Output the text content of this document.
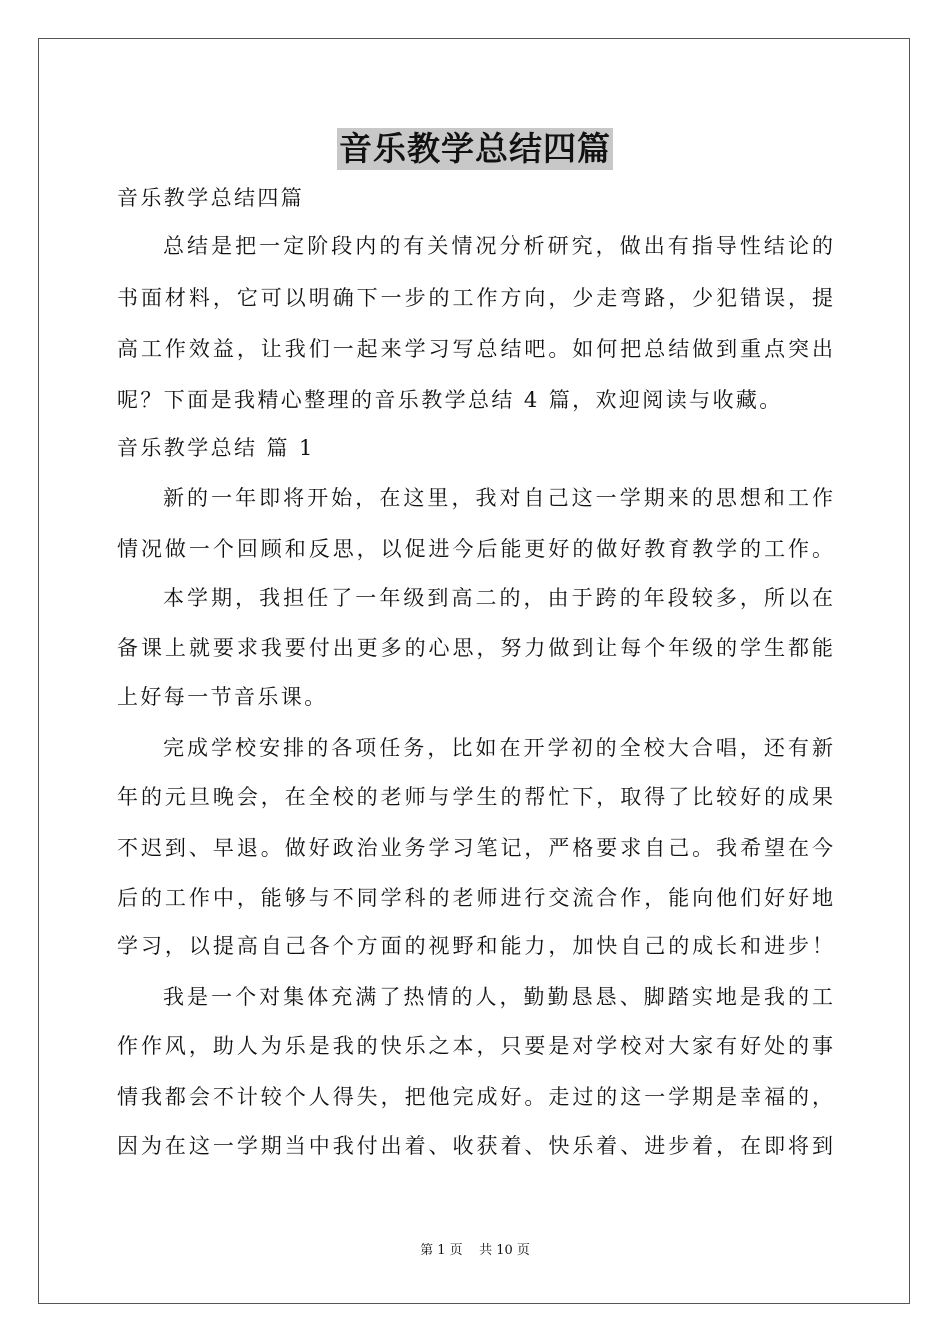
音乐教学总结四篇
音乐教学总结四篇
总结是把一定阶段内的有关情况分析研究，做出有指导性结论的
书面材料，它可以明确下一步的工作方向，少走弯路，少犯错误，提
高工作效益，让我们一起来学习写总结吧。如何把总结做到重点突出
呢？下面是我精心整理的音乐教学总结 4 篇，欢迎阅读与收藏。
音乐教学总结 篇 1
新的一年即将开始，在这里，我对自己这一学期来的思想和工作
情况做一个回顾和反思，以促进今后能更好的做好教育教学的工作。
本学期，我担任了一年级到高二的，由于跨的年段较多，所以在
备课上就要求我要付出更多的心思，努力做到让每个年级的学生都能
上好每一节音乐课。
完成学校安排的各项任务，比如在开学初的全校大合唱，还有新
年的元旦晚会，在全校的老师与学生的帮忙下，取得了比较好的成果
不迟到、早退。做好政治业务学习笔记，严格要求自己。我希望在今
后的工作中，能够与不同学科的老师进行交流合作，能向他们好好地
学习，以提高自己各个方面的视野和能力，加快自己的成长和进步！
我是一个对集体充满了热情的人，勤勤恳恳、脚踏实地是我的工
作作风，助人为乐是我的快乐之本，只要是对学校对大家有好处的事
情我都会不计较个人得失，把他完成好。走过的这一学期是幸福的，
因为在这一学期当中我付出着、收获着、快乐着、进步着，在即将到
第 1 页    共 10 页
